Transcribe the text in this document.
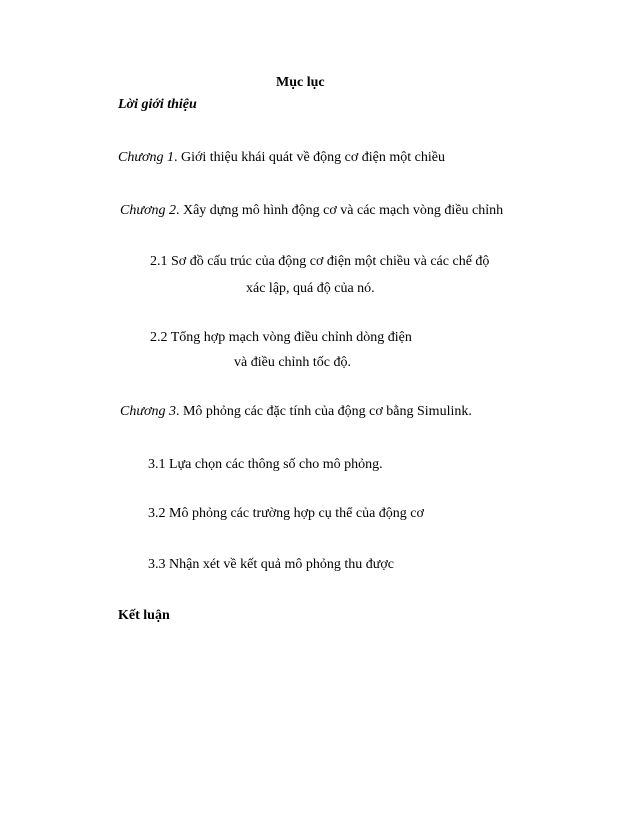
Mục lục
Lời giới thiệu
Chương 1. Giới thiệu khái quát về động cơ điện một chiều
Chương 2. Xây dựng mô hình động cơ và các mạch vòng điều chỉnh
2.1 Sơ đồ cấu trúc của động cơ điện một chiều và các chế độ
xác lập, quá độ của nó.
2.2 Tổng hợp mạch vòng điều chỉnh dòng điện
và điều chỉnh tốc độ.
Chương 3. Mô phỏng các đặc tính của động cơ bằng Simulink.
3.1 Lựa chọn các thông số cho mô phỏng.
3.2 Mô phỏng các trường hợp cụ thể của động cơ
3.3 Nhận xét về kết quả mô phỏng thu được
Kết luận
